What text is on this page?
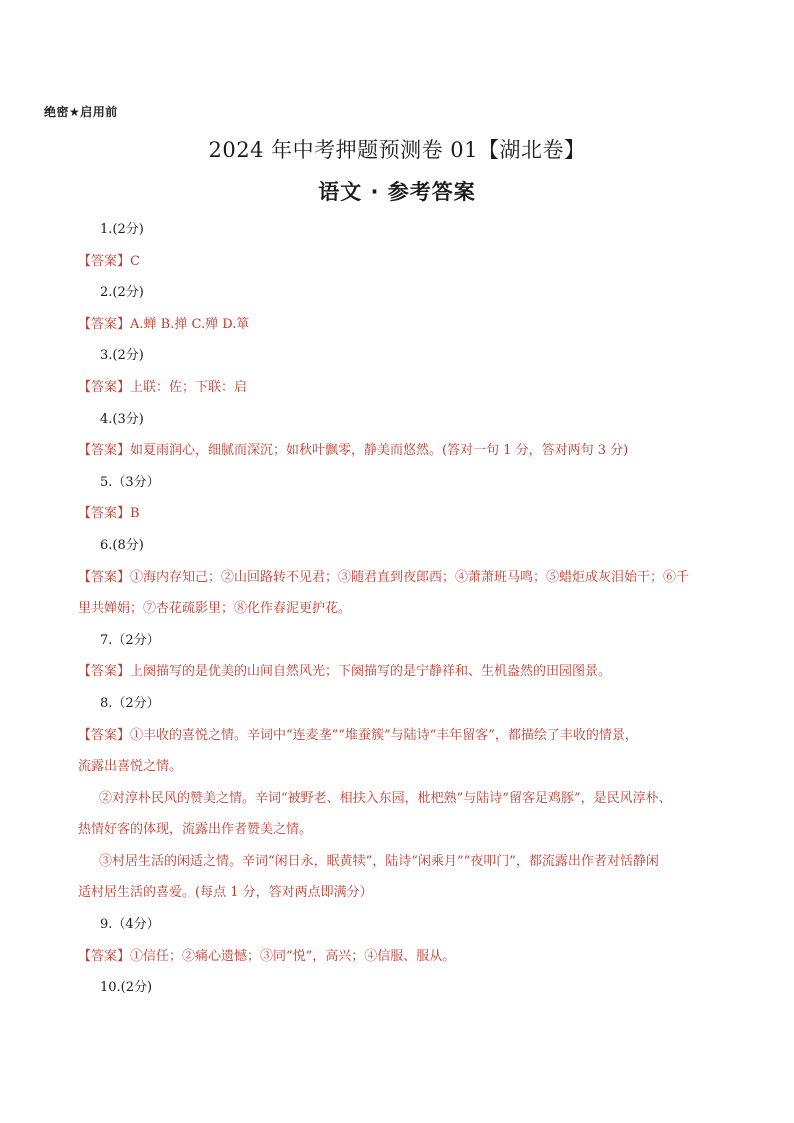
绝密★启用前
2024 年中考押题预测卷 01【湖北卷】
语文 · 参考答案
1.(2分)
【答案】C
2.(2分)
【答案】A.蝉 B.掸 C.殚 D.箪
3.(2分)
【答案】上联：佐；下联：启
4.(3分)
【答案】如夏雨润心，细腻而深沉；如秋叶飘零，静美而悠然。(答对一句 1 分，答对两句 3 分)
5.（3分）
【答案】B
6.(8分)
【答案】①海内存知己；②山回路转不见君；③随君直到夜郎西；④萧萧班马鸣；⑤蜡炬成灰泪始干；⑥千
里共婵娟；⑦杏花疏影里；⑧化作春泥更护花。
7.（2分）
【答案】上阕描写的是优美的山间自然风光；下阕描写的是宁静祥和、生机盎然的田园图景。
8.（2分）
【答案】①丰收的喜悦之情。辛词中“连麦垄”“堆蚕簇”与陆诗“丰年留客”，都描绘了丰收的情景，
流露出喜悦之情。
②对淳朴民风的赞美之情。辛词“被野老、相扶入东园，枇杷熟”与陆诗“留客足鸡豚”，是民风淳朴、
热情好客的体现，流露出作者赞美之情。
③村居生活的闲适之情。辛词“闲日永，眠黄犊”，陆诗“闲乘月”“夜叩门”，都流露出作者对恬静闲
适村居生活的喜爱。(每点 1 分，答对两点即满分）
9.（4分）
【答案】①信任；②痛心遗憾；③同“悦”，高兴；④信服、服从。
10.(2分)
